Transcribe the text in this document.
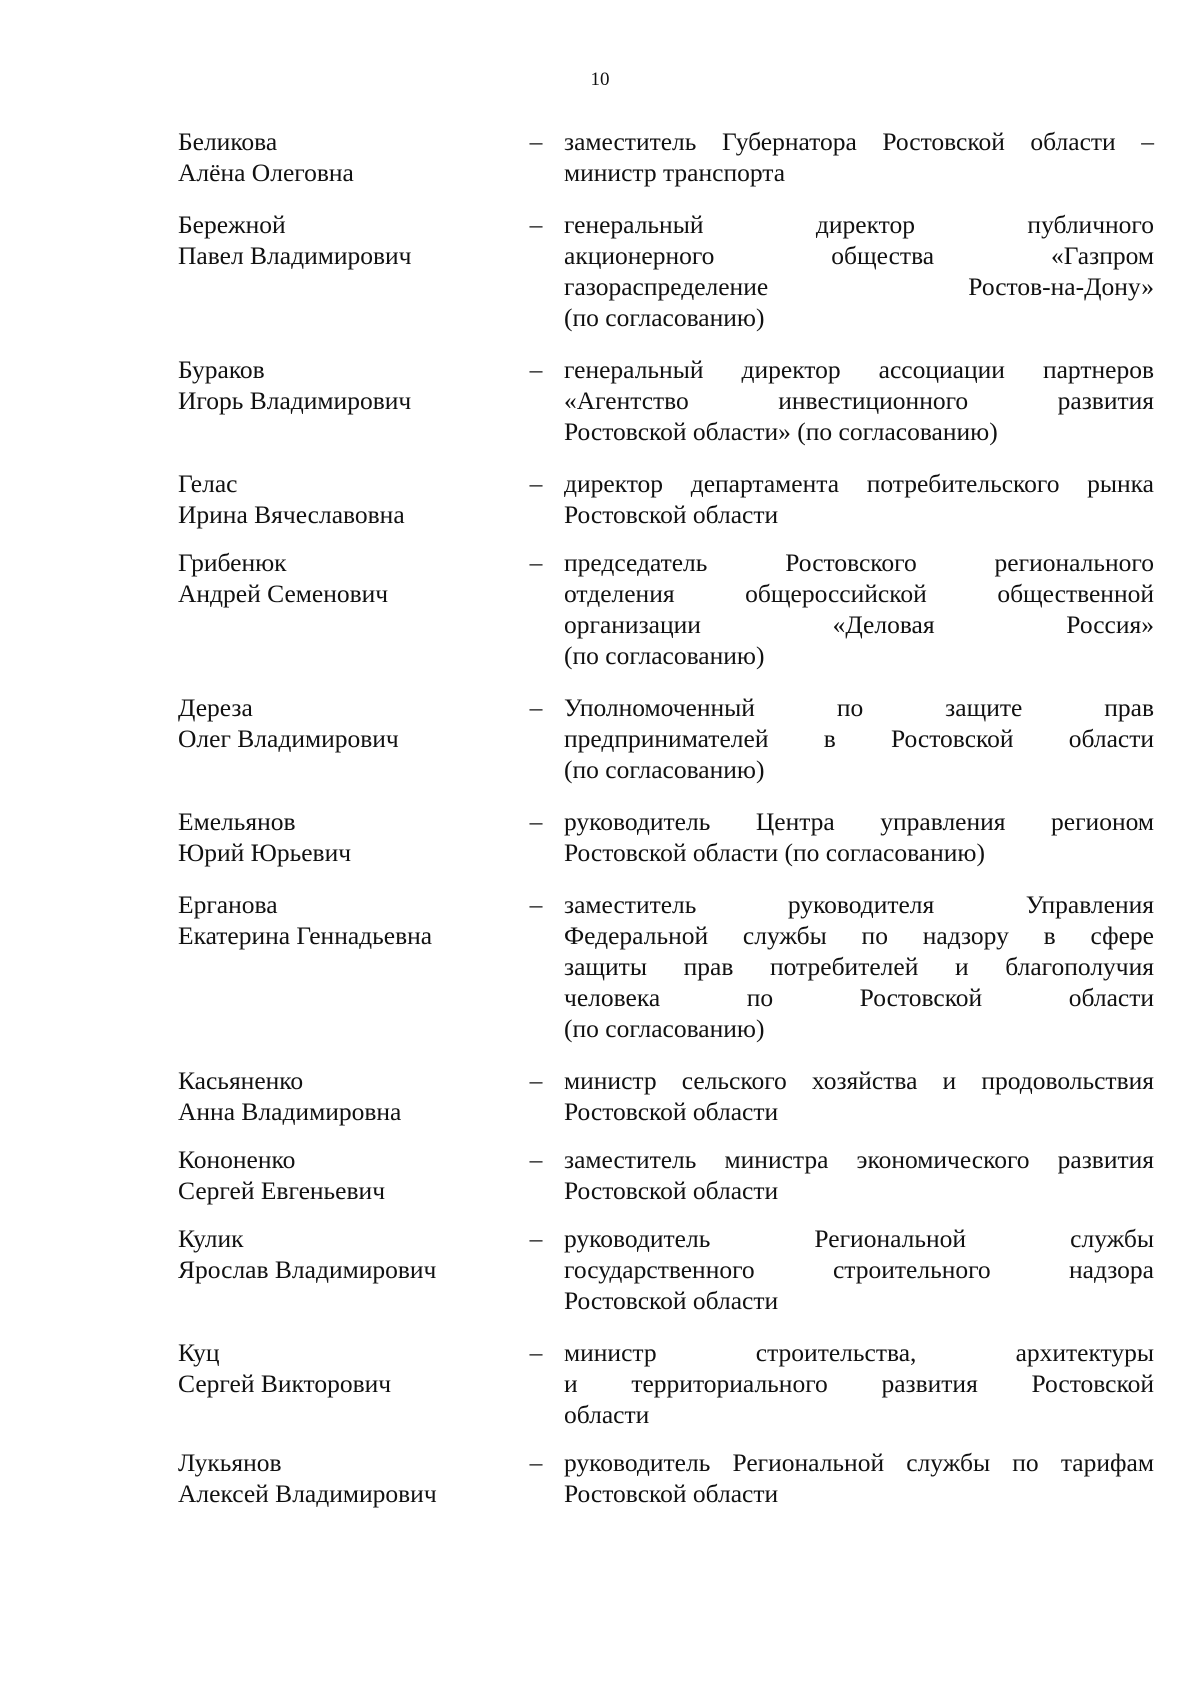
10
Беликова
Алёна Олеговна
– заместитель Губернатора Ростовской области –
министр транспорта
Бережной
Павел Владимирович
– генеральный директор публичного
акционерного общества «Газпром
газораспределение Ростов-на-Дону»
(по согласованию)
Бураков
Игорь Владимирович
– генеральный директор ассоциации партнеров
«Агентство инвестиционного развития
Ростовской области» (по согласованию)
Гелас
Ирина Вячеславовна
– директор департамента потребительского рынка
Ростовской области
Грибенюк
Андрей Семенович
– председатель Ростовского регионального
отделения общероссийской общественной
организации «Деловая Россия»
(по согласованию)
Дереза
Олег Владимирович
– Уполномоченный по защите прав
предпринимателей в Ростовской области
(по согласованию)
Емельянов
Юрий Юрьевич
– руководитель Центра управления регионом
Ростовской области (по согласованию)
Ерганова
Екатерина Геннадьевна
– заместитель руководителя Управления
Федеральной службы по надзору в сфере
защиты прав потребителей и благополучия
человека по Ростовской области
(по согласованию)
Касьяненко
Анна Владимировна
– министр сельского хозяйства и продовольствия
Ростовской области
Кононенко
Сергей Евгеньевич
– заместитель министра экономического развития
Ростовской области
Кулик
Ярослав Владимирович
– руководитель Региональной службы
государственного строительного надзора
Ростовской области
Куц
Сергей Викторович
– министр строительства, архитектуры
и территориального развития Ростовской
области
Лукьянов
Алексей Владимирович
– руководитель Региональной службы по тарифам
Ростовской области
